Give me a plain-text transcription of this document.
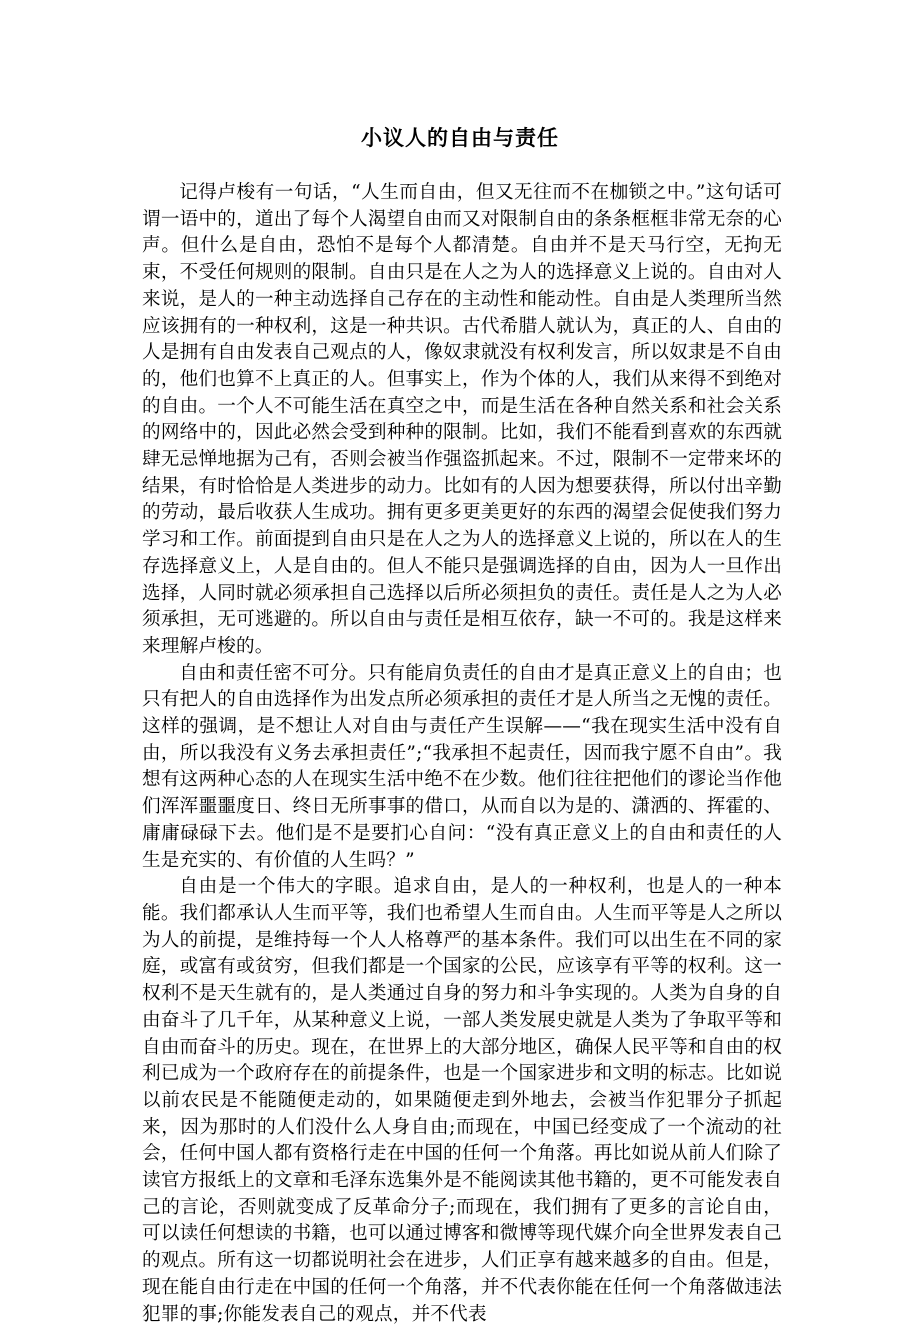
小议人的自由与责任

记得卢梭有一句话，“人生而自由，但又无往而不在枷锁之中。”这句话可谓一语中的，道出了每个人渴望自由而又对限制自由的条条框框非常无奈的心声。但什么是自由，恐怕不是每个人都清楚。自由并不是天马行空，无拘无束，不受任何规则的限制。自由只是在人之为人的选择意义上说的。自由对人来说，是人的一种主动选择自己存在的主动性和能动性。自由是人类理所当然应该拥有的一种权利，这是一种共识。古代希腊人就认为，真正的人、自由的人是拥有自由发表自己观点的人，像奴隶就没有权利发言，所以奴隶是不自由的，他们也算不上真正的人。但事实上，作为个体的人，我们从来得不到绝对的自由。一个人不可能生活在真空之中，而是生活在各种自然关系和社会关系的网络中的，因此必然会受到种种的限制。比如，我们不能看到喜欢的东西就肆无忌惮地据为己有，否则会被当作强盗抓起来。不过，限制不一定带来坏的结果，有时恰恰是人类进步的动力。比如有的人因为想要获得，所以付出辛勤的劳动，最后收获人生成功。拥有更多更美更好的东西的渴望会促使我们努力学习和工作。前面提到自由只是在人之为人的选择意义上说的，所以在人的生存选择意义上，人是自由的。但人不能只是强调选择的自由，因为人一旦作出选择，人同时就必须承担自己选择以后所必须担负的责任。责任是人之为人必须承担，无可逃避的。所以自由与责任是相互依存，缺一不可的。我是这样来来理解卢梭的。

自由和责任密不可分。只有能肩负责任的自由才是真正意义上的自由；也只有把人的自由选择作为出发点所必须承担的责任才是人所当之无愧的责任。这样的强调，是不想让人对自由与责任产生误解——“我在现实生活中没有自由，所以我没有义务去承担责任”;“我承担不起责任，因而我宁愿不自由”。我想有这两种心态的人在现实生活中绝不在少数。他们往往把他们的谬论当作他们浑浑噩噩度日、终日无所事事的借口，从而自以为是的、潇洒的、挥霍的、庸庸碌碌下去。他们是不是要扪心自问：“没有真正意义上的自由和责任的人生是充实的、有价值的人生吗？”

自由是一个伟大的字眼。追求自由，是人的一种权利，也是人的一种本能。我们都承认人生而平等，我们也希望人生而自由。人生而平等是人之所以为人的前提，是维持每一个人人格尊严的基本条件。我们可以出生在不同的家庭，或富有或贫穷，但我们都是一个国家的公民，应该享有平等的权利。这一权利不是天生就有的，是人类通过自身的努力和斗争实现的。人类为自身的自由奋斗了几千年，从某种意义上说，一部人类发展史就是人类为了争取平等和自由而奋斗的历史。现在，在世界上的大部分地区，确保人民平等和自由的权利已成为一个政府存在的前提条件，也是一个国家进步和文明的标志。比如说以前农民是不能随便走动的，如果随便走到外地去，会被当作犯罪分子抓起来，因为那时的人们没什么人身自由;而现在，中国已经变成了一个流动的社会，任何中国人都有资格行走在中国的任何一个角落。再比如说从前人们除了读官方报纸上的文章和毛泽东选集外是不能阅读其他书籍的，更不可能发表自己的言论，否则就变成了反革命分子;而现在，我们拥有了更多的言论自由，可以读任何想读的书籍，也可以通过博客和微博等现代媒介向全世界发表自己的观点。所有这一切都说明社会在进步，人们正享有越来越多的自由。但是，现在能自由行走在中国的任何一个角落，并不代表你能在任何一个角落做违法犯罪的事;你能发表自己的观点，并不代表
